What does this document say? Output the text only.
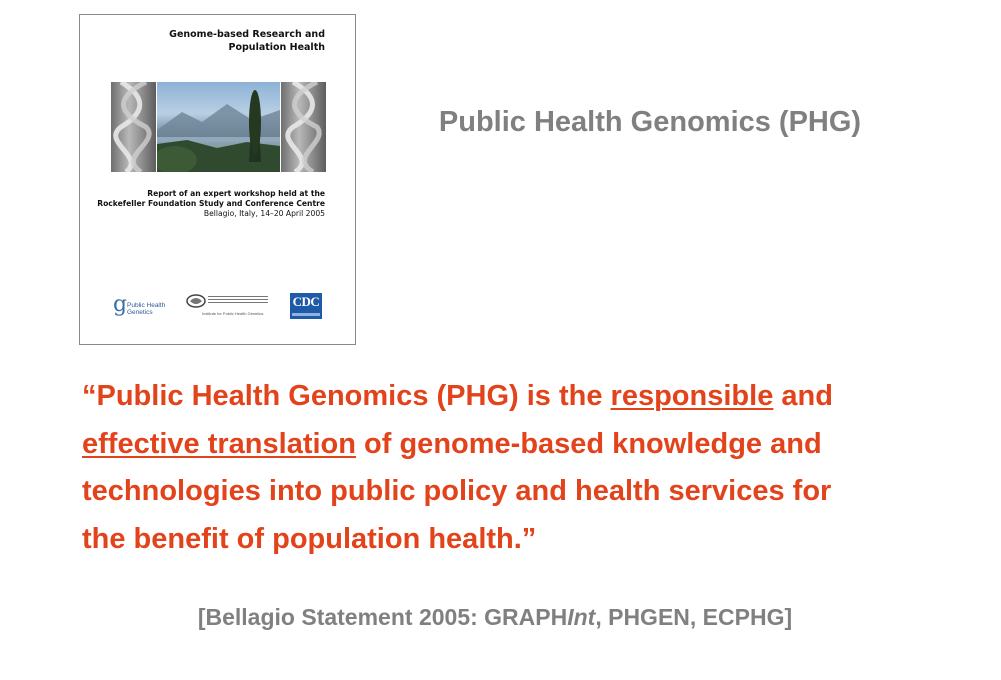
Genome-based Research and
Population Health
Report of an expert workshop held at the
Rockefeller Foundation Study and Conference Centre
Bellagio, Italy, 14–20 April 2005
g Public Health
Genetics	Institute for Public Health Genetics
CDC
Public Health Genomics (PHG)
“Public Health Genomics (PHG) is the responsible and
effective translation of genome-based knowledge and
technologies into public policy and health services for
the benefit of population health.”
[Bellagio Statement 2005: GRAPHInt, PHGEN, ECPHG]
